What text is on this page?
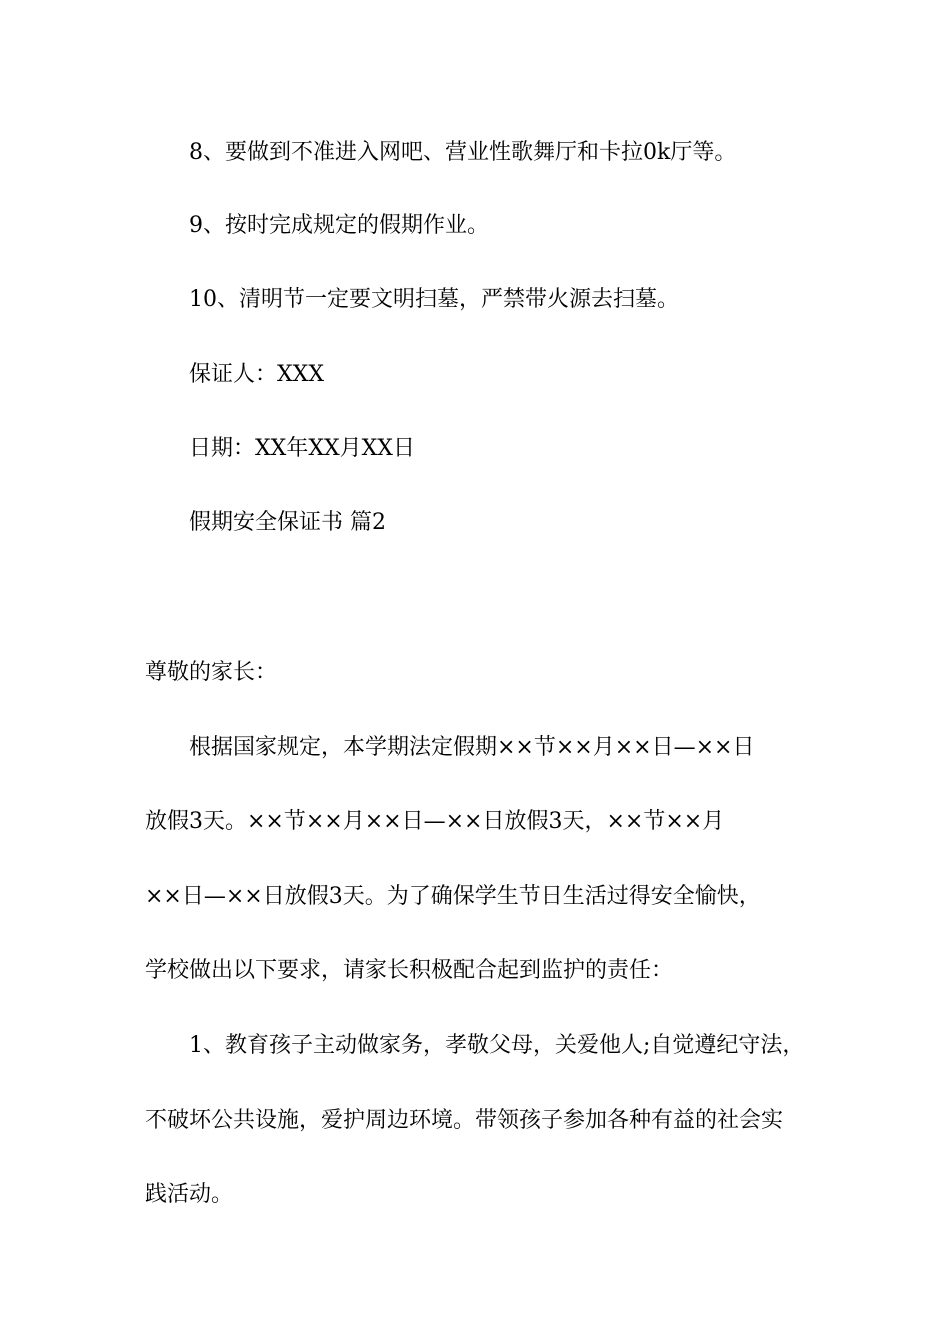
8、要做到不准进入网吧、营业性歌舞厅和卡拉0k厅等。
9、按时完成规定的假期作业。
10、清明节一定要文明扫墓，严禁带火源去扫墓。
保证人：XXX
日期：XX年XX月XX日
假期安全保证书 篇2
尊敬的家长：
根据国家规定，本学期法定假期××节××月××日—××日
放假3天。××节××月××日—××日放假3天，××节××月
××日—××日放假3天。为了确保学生节日生活过得安全愉快，
学校做出以下要求，请家长积极配合起到监护的责任：
1、教育孩子主动做家务，孝敬父母，关爱他人;自觉遵纪守法，
不破坏公共设施，爱护周边环境。带领孩子参加各种有益的社会实
践活动。
